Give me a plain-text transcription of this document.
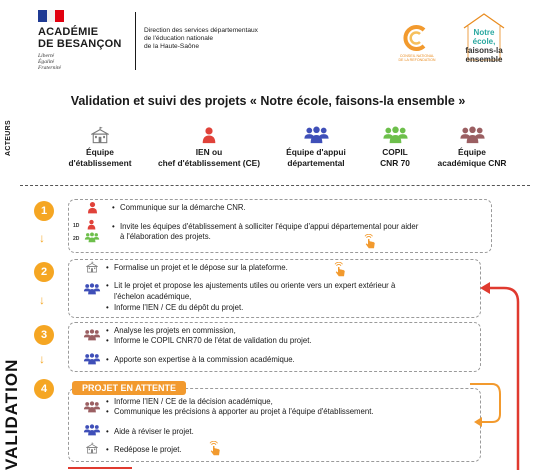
ACADÉMIE
DE BESANÇON
Liberté
Égalité
Fraternité
Direction des services départementaux
de l'éducation nationale
de la Haute-Saône
CONSEIL NATIONAL
DE LA REFONDATION
Notre
école,
faisons-la
ensemble
Validation et suivi des projets « Notre école, faisons-la ensemble »
ACTEURS	Équipe
d'établissement
IEN ou
chef d'établissement (CE)
Équipe d'appui
départemental
COPIL
CNR 70
Équipe
académique CNR
VALIDATION
1
↓
• Communique sur la démarche CNR.
1D
2D
• Invite les équipes d'établissement à solliciter l'équipe d'appui départemental pour aider
à l'élaboration des projets.
2
↓
• Formalise un projet et le dépose sur la plateforme.
• Lit le projet et propose les ajustements utiles ou oriente vers un expert extérieur à
l'échelon académique,
• Informe l'IEN / CE du dépôt du projet.
3
↓
• Analyse les projets en commission,
• Informe le COPIL CNR70 de l'état de validation du projet.
• Apporte son expertise à la commission académique.
4	PROJET EN ATTENTE
• Informe l'IEN / CE de la décision académique,
• Communique les précisions à apporter au projet à l'équipe d'établissement.
• Aide à réviser le projet.
• Redépose le projet.
